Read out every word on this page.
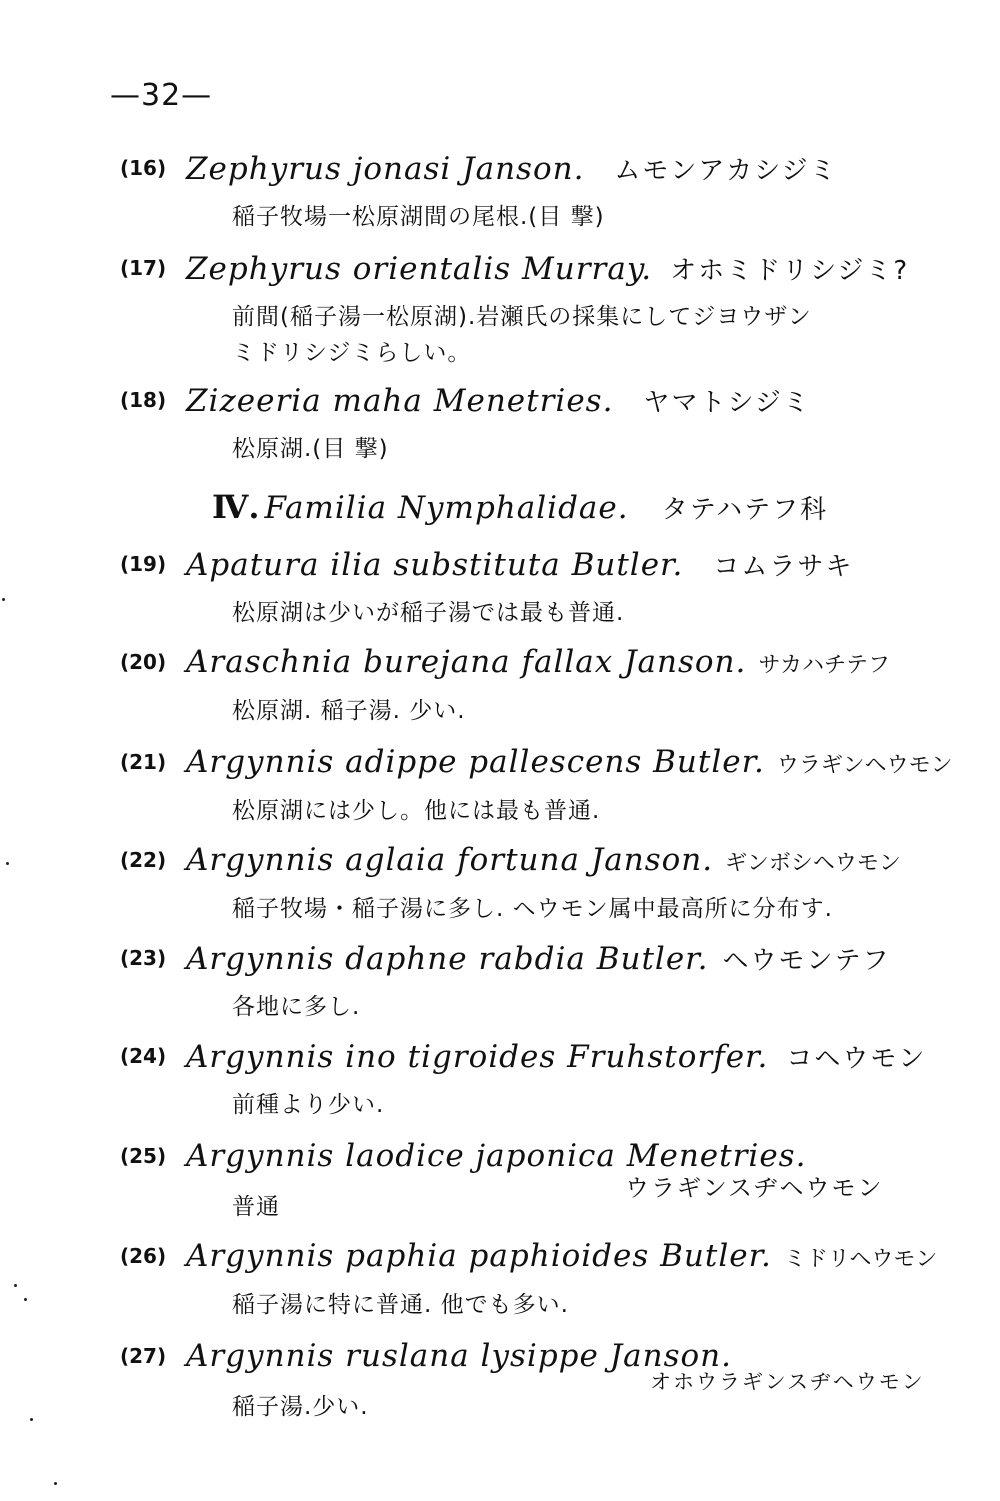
—32—
(16) Zephyrus jonasi Janson. ムモンアカシジミ
稲子牧場一松原湖間の尾根.(目 撃)
(17) Zephyrus orientalis Murray. オホミドリシジミ?
前間(稲子湯一松原湖).岩瀬氏の採集にしてジヨウザン
ミドリシジミらしい。
(18) Zizeeria maha Menetries. ヤマトシジミ
松原湖.(目 撃)
Ⅳ. Familia Nymphalidae. タテハテフ科
(19) Apatura ilia substituta Butler. コムラサキ
松原湖は少いが稲子湯では最も普通.
(20) Araschnia burejana fallax Janson. サカハチテフ
松原湖. 稲子湯. 少い.
(21) Argynnis adippe pallescens Butler. ウラギンヘウモン
松原湖には少し。他には最も普通.
(22) Argynnis aglaia fortuna Janson. ギンボシヘウモン
稲子牧場・稲子湯に多し. ヘウモン属中最高所に分布す.
(23) Argynnis daphne rabdia Butler. ヘウモンテフ
各地に多し.
(24) Argynnis ino tigroides Fruhstorfer. コヘウモン
前種より少い.
(25) Argynnis laodice japonica Menetries.
ウラギンスヂヘウモン
普通
(26) Argynnis paphia paphioides Butler. ミドリヘウモン
稲子湯に特に普通. 他でも多い.
(27) Argynnis ruslana lysippe Janson.
オホウラギンスヂヘウモン
稲子湯.少い.
